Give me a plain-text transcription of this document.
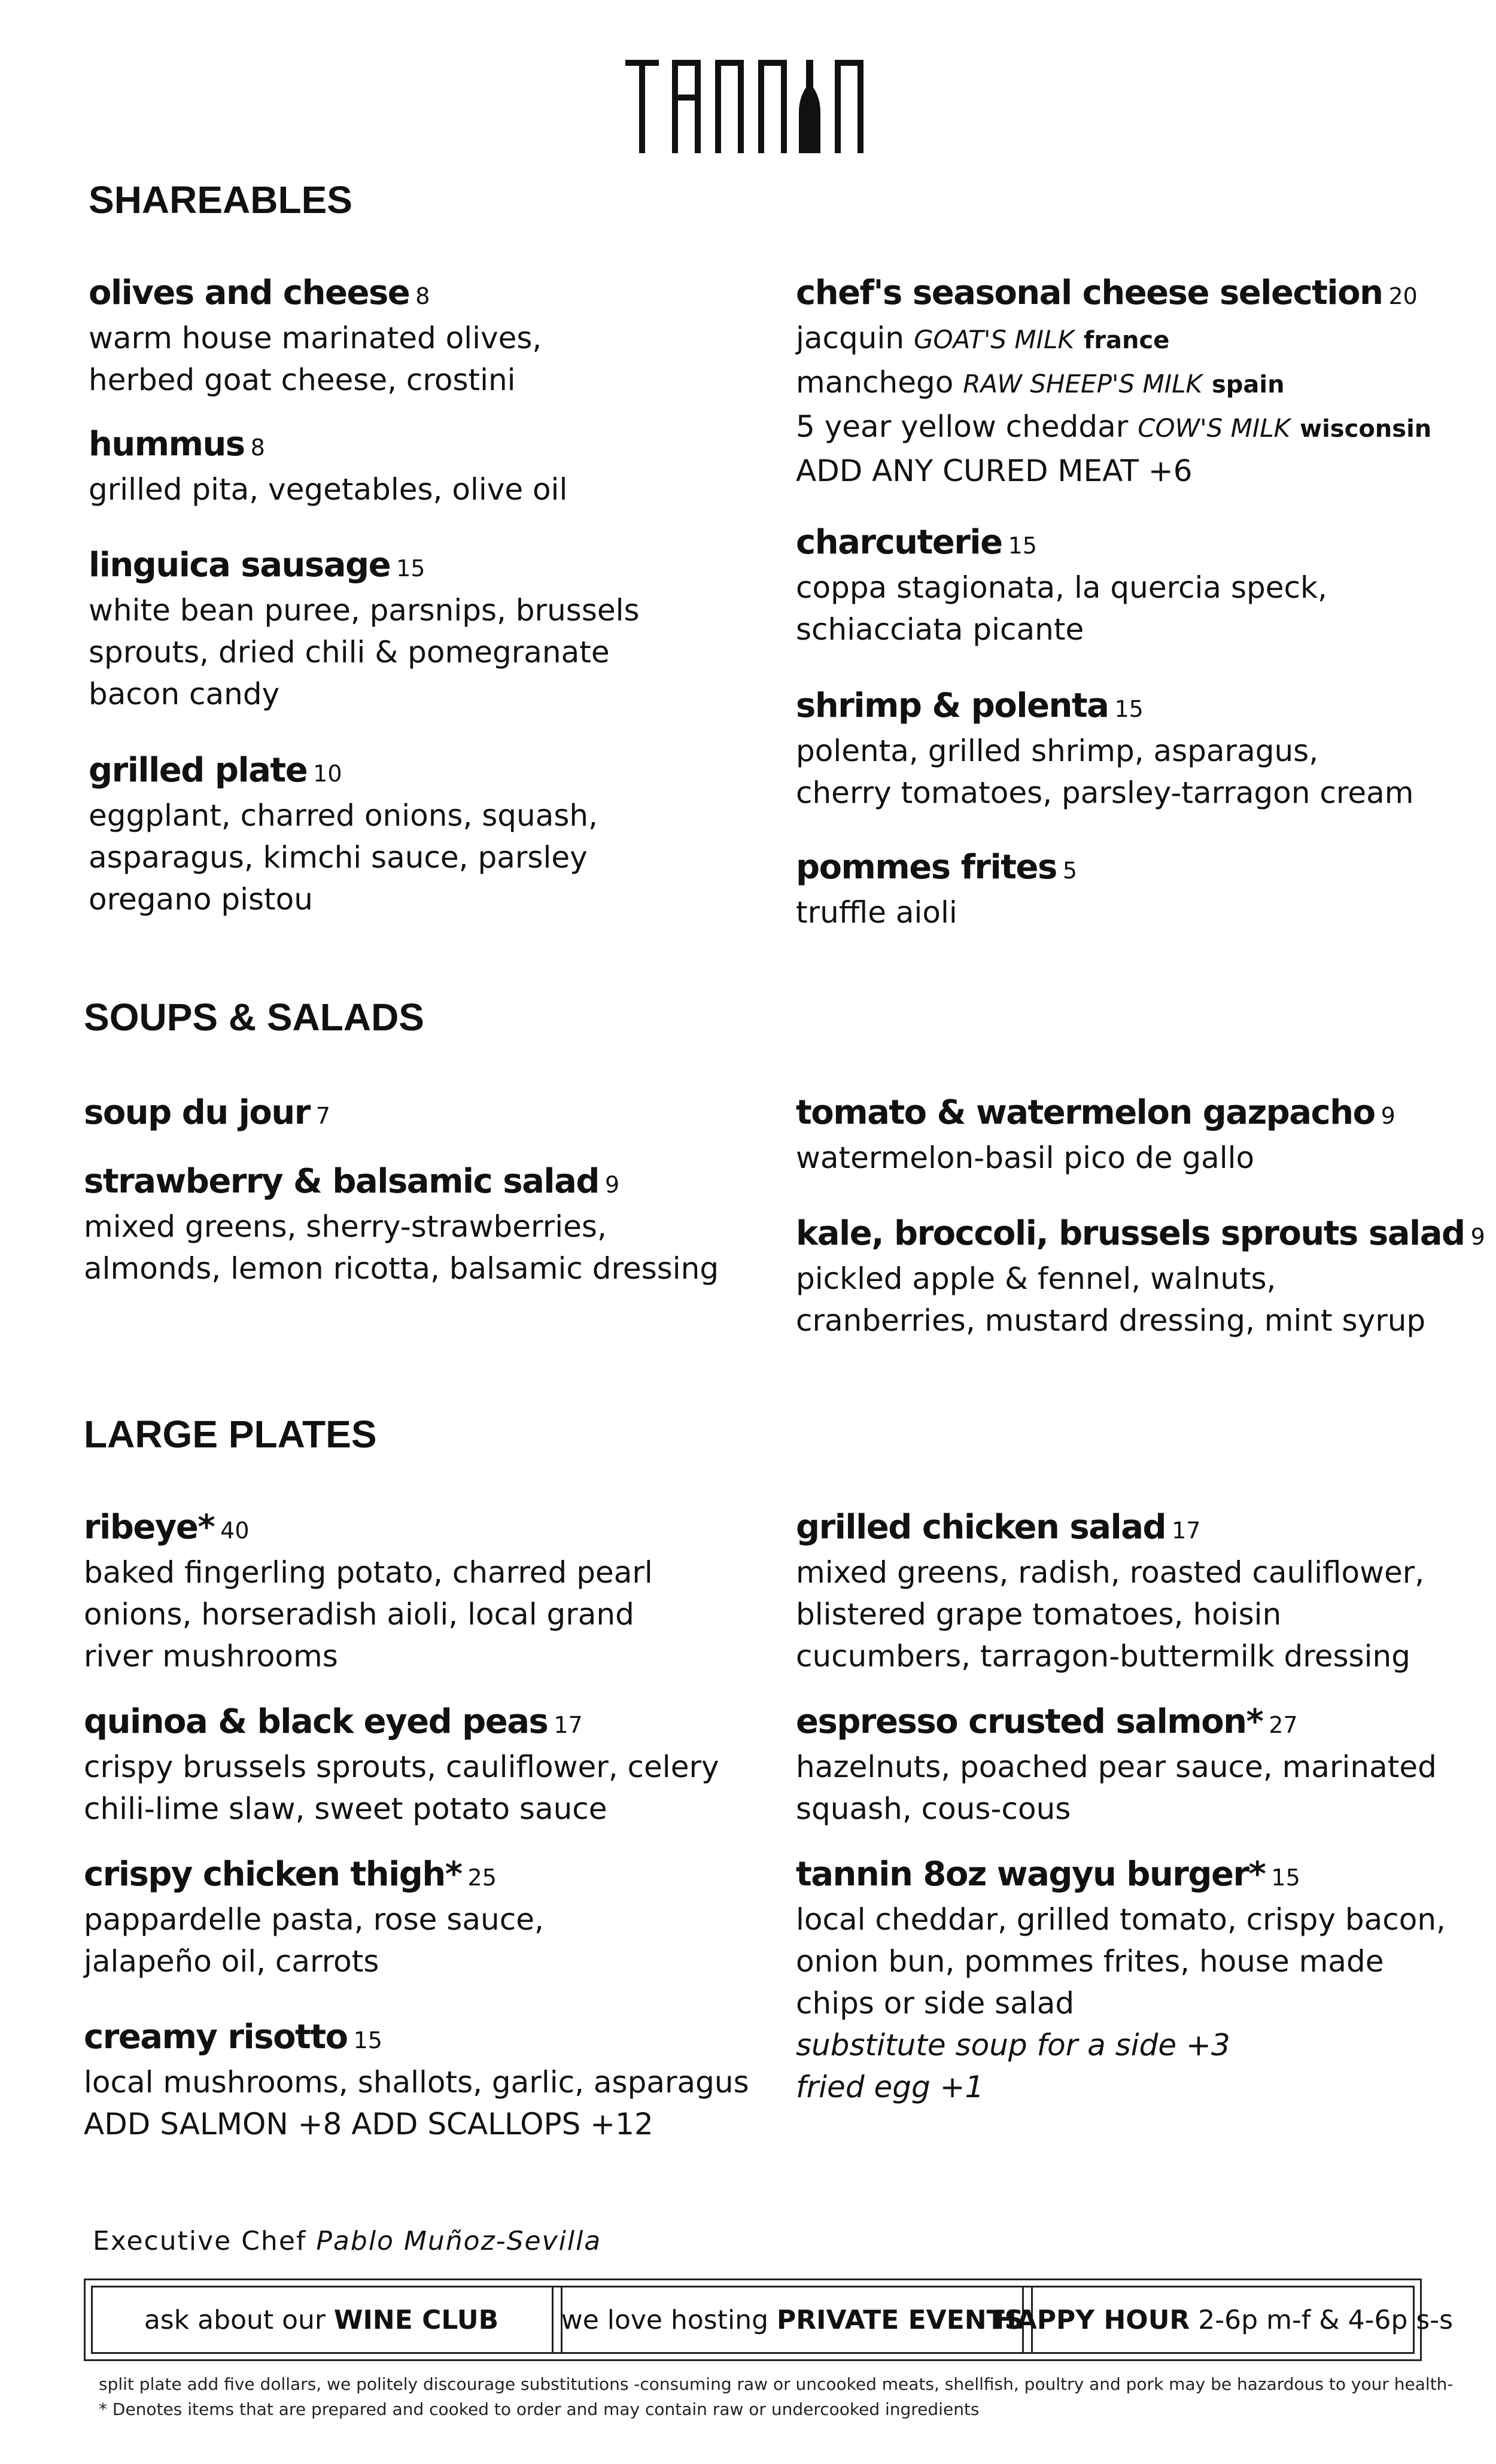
SHAREABLES
olives and cheese 8
warm house marinated olives,
herbed goat cheese, crostini
hummus 8
grilled pita, vegetables, olive oil
linguica sausage 15
white bean puree, parsnips, brussels
sprouts, dried chili & pomegranate
bacon candy
grilled plate 10
eggplant, charred onions, squash,
asparagus, kimchi sauce, parsley
oregano pistou
chef's seasonal cheese selection 20
jacquin GOAT'S MILK france
manchego RAW SHEEP'S MILK spain
5 year yellow cheddar COW'S MILK wisconsin
ADD ANY CURED MEAT +6
charcuterie 15
coppa stagionata, la quercia speck,
schiacciata picante
shrimp & polenta 15
polenta, grilled shrimp, asparagus,
cherry tomatoes, parsley-tarragon cream
pommes frites 5
truffle aioli
SOUPS & SALADS
soup du jour 7
strawberry & balsamic salad 9
mixed greens, sherry-strawberries,
almonds, lemon ricotta, balsamic dressing
tomato & watermelon gazpacho 9
watermelon-basil pico de gallo
kale, broccoli, brussels sprouts salad 9
pickled apple & fennel, walnuts,
cranberries, mustard dressing, mint syrup
LARGE PLATES
ribeye* 40
baked fingerling potato, charred pearl
onions, horseradish aioli, local grand
river mushrooms
quinoa & black eyed peas 17
crispy brussels sprouts, cauliflower, celery
chili-lime slaw, sweet potato sauce
crispy chicken thigh* 25
pappardelle pasta, rose sauce,
jalapeño oil, carrots
creamy risotto 15
local mushrooms, shallots, garlic, asparagus
ADD SALMON +8 ADD SCALLOPS +12
grilled chicken salad 17
mixed greens, radish, roasted cauliflower,
blistered grape tomatoes, hoisin
cucumbers, tarragon-buttermilk dressing
espresso crusted salmon* 27
hazelnuts, poached pear sauce, marinated
squash, cous-cous
tannin 8oz wagyu burger* 15
local cheddar, grilled tomato, crispy bacon,
onion bun, pommes frites, house made
chips or side salad
substitute soup for a side +3
fried egg +1
Executive Chef Pablo Muñoz-Sevilla
ask about our WINE CLUB we love hosting PRIVATE EVENTS
HAPPY HOUR 2-6p m-f & 4-6p s-s
split plate add five dollars, we politely discourage substitutions -consuming raw or uncooked meats, shellfish, poultry and pork may be hazardous to your health-
* Denotes items that are prepared and cooked to order and may contain raw or undercooked ingredients
